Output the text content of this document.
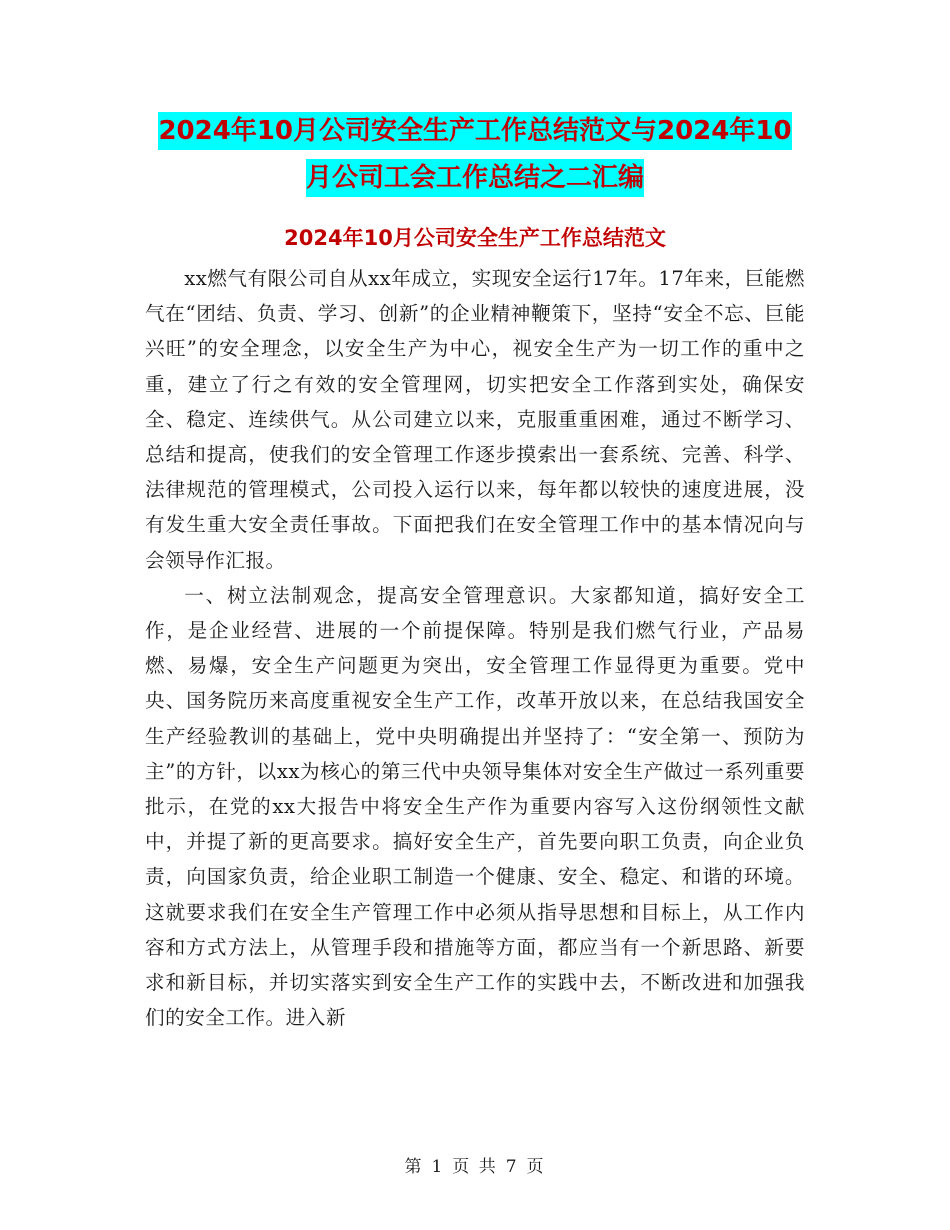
2024年10月公司安全生产工作总结范文与2024年10
月公司工会工作总结之二汇编
2024年10月公司安全生产工作总结范文

xx燃气有限公司自从xx年成立，实现安全运行17年。17年来，巨能燃气在“团结、负责、学习、创新”的企业精神鞭策下，坚持“安全不忘、巨能兴旺”的安全理念，以安全生产为中心，视安全生产为一切工作的重中之重，建立了行之有效的安全管理网，切实把安全工作落到实处，确保安全、稳定、连续供气。从公司建立以来，克服重重困难，通过不断学习、总结和提高，使我们的安全管理工作逐步摸索出一套系统、完善、科学、法律规范的管理模式，公司投入运行以来，每年都以较快的速度进展，没有发生重大安全责任事故。下面把我们在安全管理工作中的基本情况向与会领导作汇报。

一、树立法制观念，提高安全管理意识。大家都知道，搞好安全工作，是企业经营、进展的一个前提保障。特别是我们燃气行业，产品易燃、易爆，安全生产问题更为突出，安全管理工作显得更为重要。党中央、国务院历来高度重视安全生产工作，改革开放以来，在总结我国安全生产经验教训的基础上，党中央明确提出并坚持了：“安全第一、预防为主”的方针，以xx为核心的第三代中央领导集体对安全生产做过一系列重要批示，在党的xx大报告中将安全生产作为重要内容写入这份纲领性文献中，并提了新的更高要求。搞好安全生产，首先要向职工负责，向企业负责，向国家负责，给企业职工制造一个健康、安全、稳定、和谐的环境。这就要求我们在安全生产管理工作中必须从指导思想和目标上，从工作内容和方式方法上，从管理手段和措施等方面，都应当有一个新思路、新要求和新目标，并切实落实到安全生产工作的实践中去，不断改进和加强我们的安全工作。进入新

第 1 页 共 7 页
